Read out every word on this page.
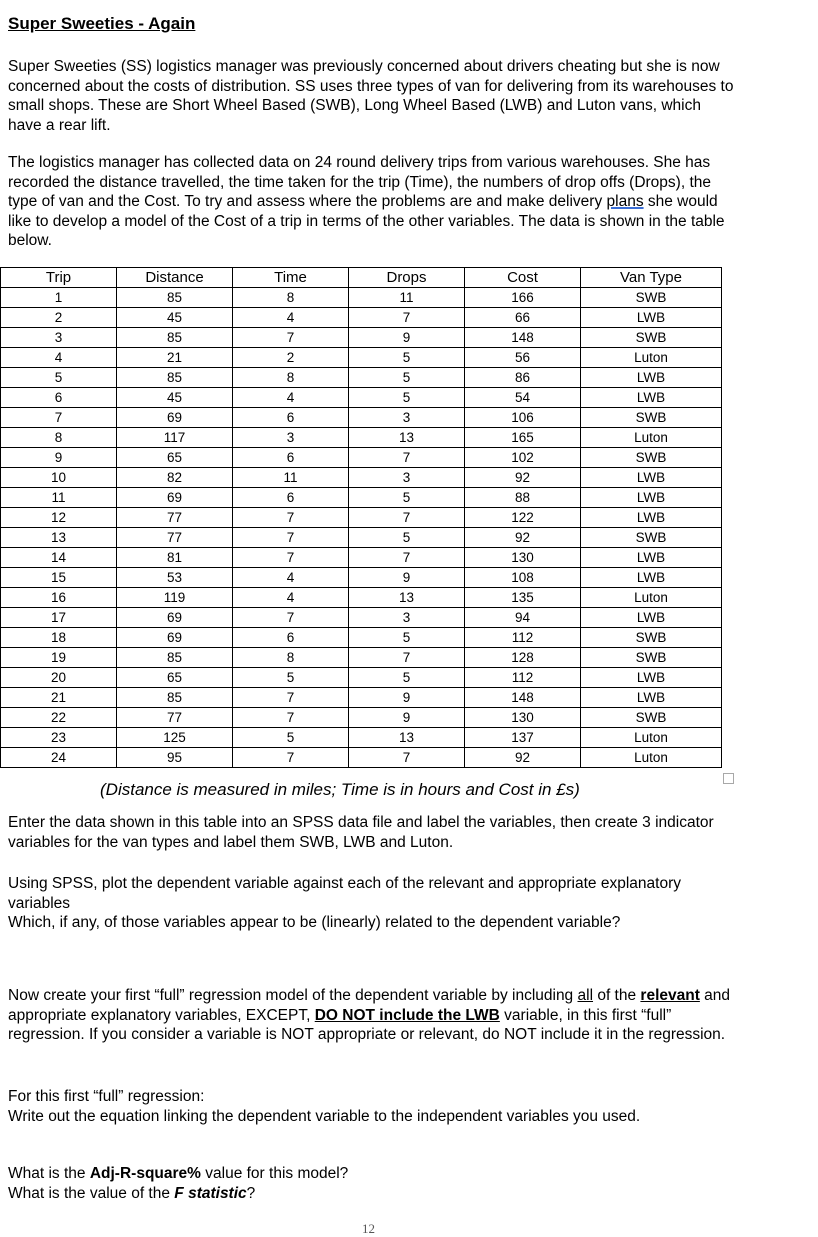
Super Sweeties - Again

Super Sweeties (SS) logistics manager was previously concerned about drivers cheating but she is now concerned about the costs of distribution. SS uses three types of van for delivering from its warehouses to small shops. These are Short Wheel Based (SWB), Long Wheel Based (LWB) and Luton vans, which have a rear lift.

The logistics manager has collected data on 24 round delivery trips from various warehouses. She has recorded the distance travelled, the time taken for the trip (Time), the numbers of drop offs (Drops), the type of van and the Cost. To try and assess where the problems are and make delivery plans she would like to develop a model of the Cost of a trip in terms of the other variables. The data is shown in the table below.

Trip	Distance	Time	Drops	Cost	Van Type
1	85	8	11	166	SWB
2	45	4	7	66	LWB
3	85	7	9	148	SWB
4	21	2	5	56	Luton
5	85	8	5	86	LWB
6	45	4	5	54	LWB
7	69	6	3	106	SWB
8	117	3	13	165	Luton
9	65	6	7	102	SWB
10	82	11	3	92	LWB
11	69	6	5	88	LWB
12	77	7	7	122	LWB
13	77	7	5	92	SWB
14	81	7	7	130	LWB
15	53	4	9	108	LWB
16	119	4	13	135	Luton
17	69	7	3	94	LWB
18	69	6	5	112	SWB
19	85	8	7	128	SWB
20	65	5	5	112	LWB
21	85	7	9	148	LWB
22	77	7	9	130	SWB
23	125	5	13	137	Luton
24	95	7	7	92	Luton
(Distance is measured in miles; Time is in hours and Cost in £s)

Enter the data shown in this table into an SPSS data file and label the variables, then create 3 indicator variables for the van types and label them SWB, LWB and Luton.

Using SPSS, plot the dependent variable against each of the relevant and appropriate explanatory variables
Which, if any, of those variables appear to be (linearly) related to the dependent variable?

Now create your first “full” regression model of the dependent variable by including all of the relevant and appropriate explanatory variables, EXCEPT, DO NOT include the LWB variable, in this first “full” regression. If you consider a variable is NOT appropriate or relevant, do NOT include it in the regression.

For this first “full” regression:
Write out the equation linking the dependent variable to the independent variables you used.

What is the Adj-R-square% value for this model?
What is the value of the F statistic?

12
